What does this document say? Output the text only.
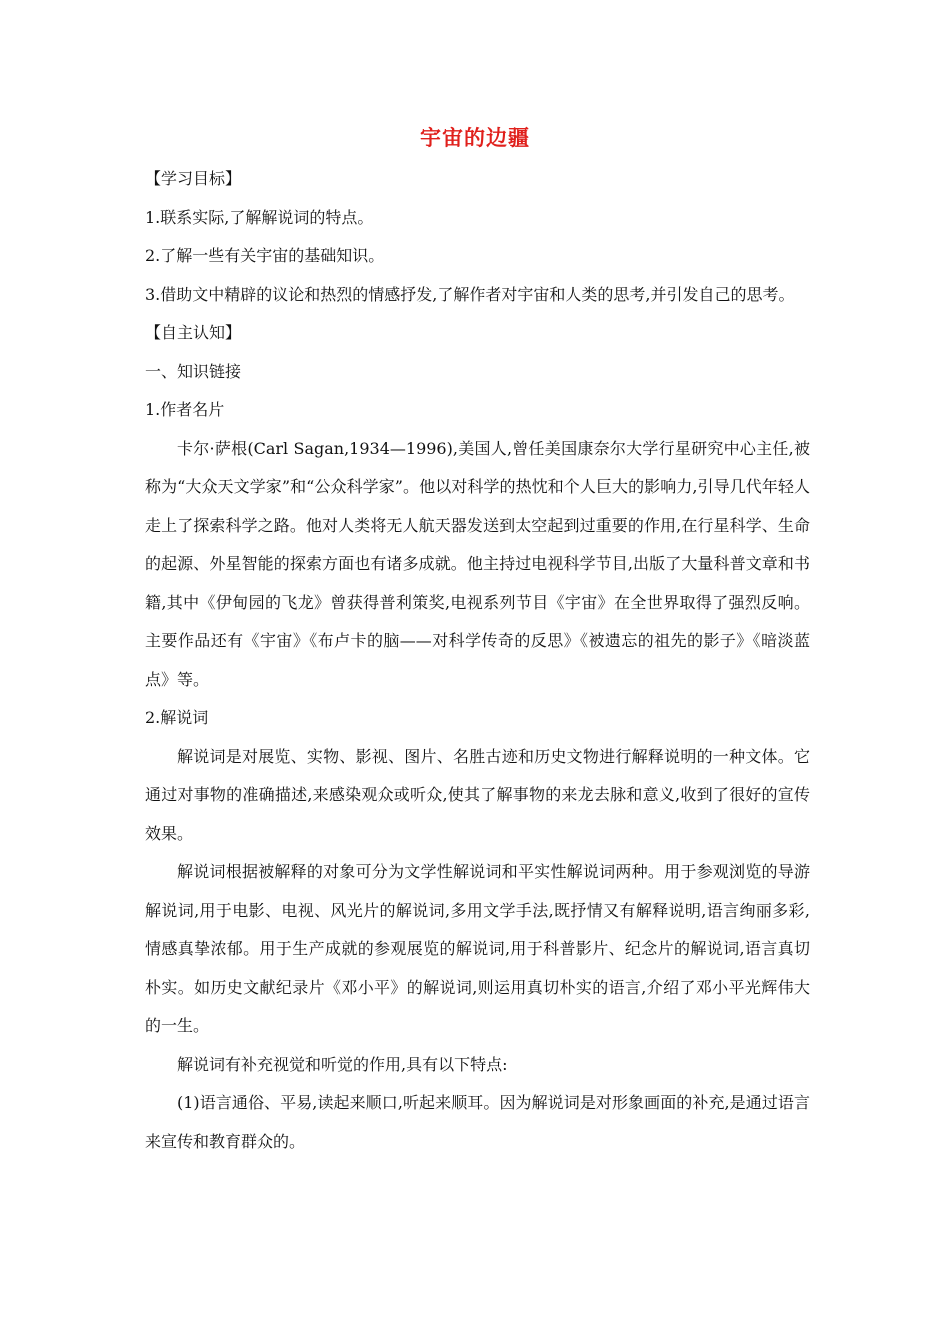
宇宙的边疆
【学习目标】
1.联系实际,了解解说词的特点。
2.了解一些有关宇宙的基础知识。

3.借助文中精辟的议论和热烈的情感抒发,了解作者对宇宙和人类的思考,并引发自己的思考。

【自主认知】
一、知识链接
1.作者名片

卡尔·萨根(Carl Sagan,1934—1996),美国人,曾任美国康奈尔大学行星研究中心主任,被称为“大众天文学家”和“公众科学家”。他以对科学的热忱和个人巨大的影响力,引导几代年轻人走上了探索科学之路。他对人类将无人航天器发送到太空起到过重要的作用,在行星科学、生命的起源、外星智能的探索方面也有诸多成就。他主持过电视科学节目,出版了大量科普文章和书籍,其中《伊甸园的飞龙》曾获得普利策奖,电视系列节目《宇宙》在全世界取得了强烈反响。主要作品还有《宇宙》《布卢卡的脑——对科学传奇的反思》《被遗忘的祖先的影子》《暗淡蓝点》等。

2.解说词

解说词是对展览、实物、影视、图片、名胜古迹和历史文物进行解释说明的一种文体。它通过对事物的准确描述,来感染观众或听众,使其了解事物的来龙去脉和意义,收到了很好的宣传效果。

解说词根据被解释的对象可分为文学性解说词和平实性解说词两种。用于参观浏览的导游解说词,用于电影、电视、风光片的解说词,多用文学手法,既抒情又有解释说明,语言绚丽多彩,情感真挚浓郁。用于生产成就的参观展览的解说词,用于科普影片、纪念片的解说词,语言真切朴实。如历史文献纪录片《邓小平》的解说词,则运用真切朴实的语言,介绍了邓小平光辉伟大的一生。

解说词有补充视觉和听觉的作用,具有以下特点:

(1)语言通俗、平易,读起来顺口,听起来顺耳。因为解说词是对形象画面的补充,是通过语言来宣传和教育群众的。
